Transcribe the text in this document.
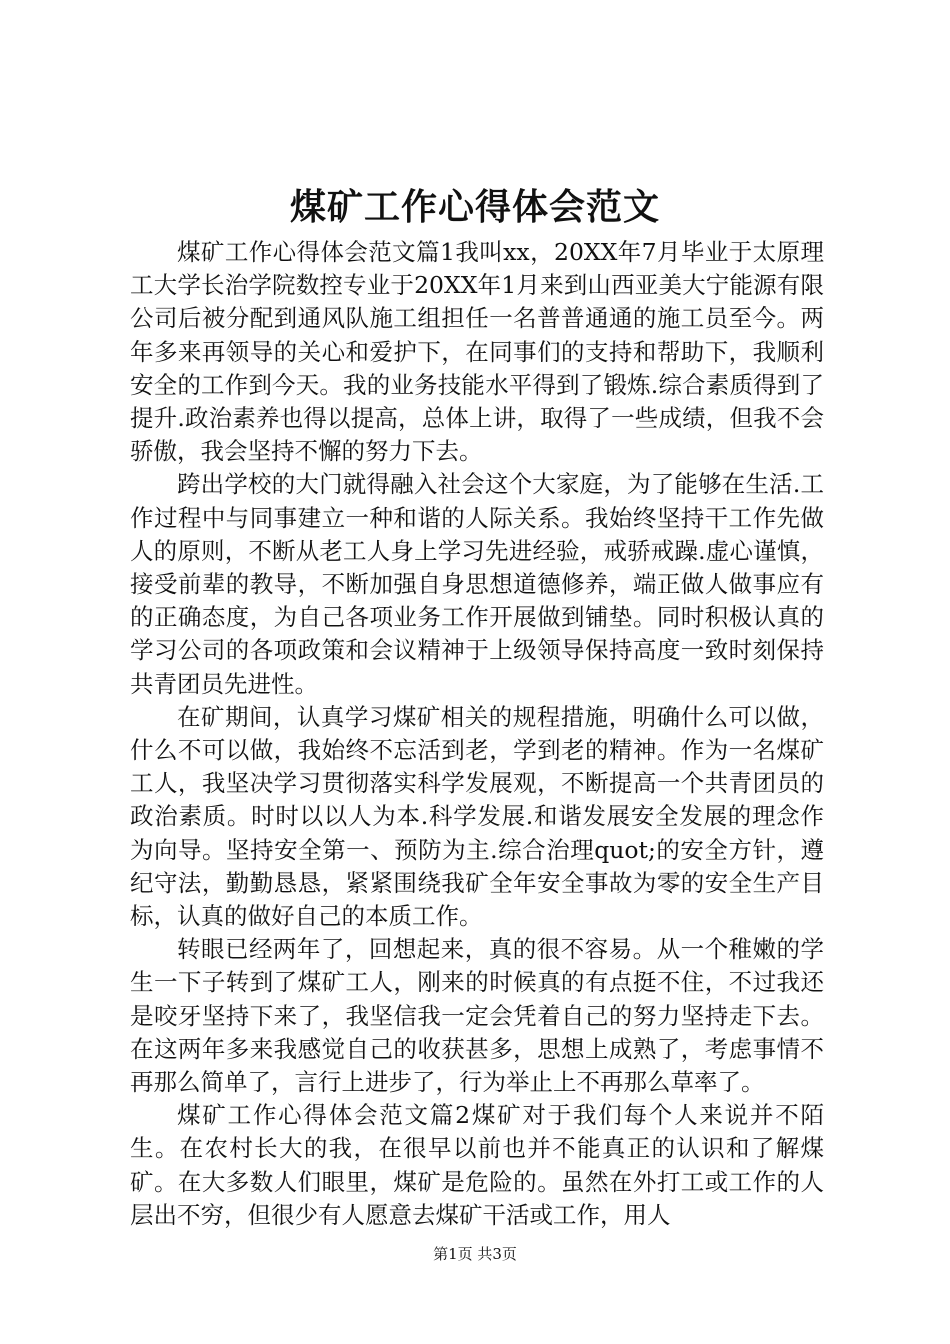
煤矿工作心得体会范文

煤矿工作心得体会范文篇1我叫xx，20XX年7月毕业于太原理工大学长治学院数控专业于20XX年1月来到山西亚美大宁能源有限公司后被分配到通风队施工组担任一名普普通通的施工员至今。两年多来再领导的关心和爱护下，在同事们的支持和帮助下，我顺利安全的工作到今天。我的业务技能水平得到了锻炼.综合素质得到了提升.政治素养也得以提高，总体上讲，取得了一些成绩，但我不会骄傲，我会坚持不懈的努力下去。

跨出学校的大门就得融入社会这个大家庭，为了能够在生活.工作过程中与同事建立一种和谐的人际关系。我始终坚持干工作先做人的原则，不断从老工人身上学习先进经验，戒骄戒躁.虚心谨慎，接受前辈的教导，不断加强自身思想道德修养，端正做人做事应有的正确态度，为自己各项业务工作开展做到铺垫。同时积极认真的学习公司的各项政策和会议精神于上级领导保持高度一致时刻保持共青团员先进性。

在矿期间，认真学习煤矿相关的规程措施，明确什么可以做，什么不可以做，我始终不忘活到老，学到老的精神。作为一名煤矿工人，我坚决学习贯彻落实科学发展观，不断提高一个共青团员的政治素质。时时以以人为本.科学发展.和谐发展安全发展的理念作为向导。坚持安全第一、预防为主.综合治理quot;的安全方针，遵纪守法，勤勤恳恳，紧紧围绕我矿全年安全事故为零的安全生产目标，认真的做好自己的本质工作。

转眼已经两年了，回想起来，真的很不容易。从一个稚嫩的学生一下子转到了煤矿工人，刚来的时候真的有点挺不住，不过我还是咬牙坚持下来了，我坚信我一定会凭着自己的努力坚持走下去。在这两年多来我感觉自己的收获甚多，思想上成熟了，考虑事情不再那么简单了，言行上进步了，行为举止上不再那么草率了。

煤矿工作心得体会范文篇2煤矿对于我们每个人来说并不陌生。在农村长大的我，在很早以前也并不能真正的认识和了解煤矿。在大多数人们眼里，煤矿是危险的。虽然在外打工或工作的人层出不穷，但很少有人愿意去煤矿干活或工作，用人

第1页 共3页
